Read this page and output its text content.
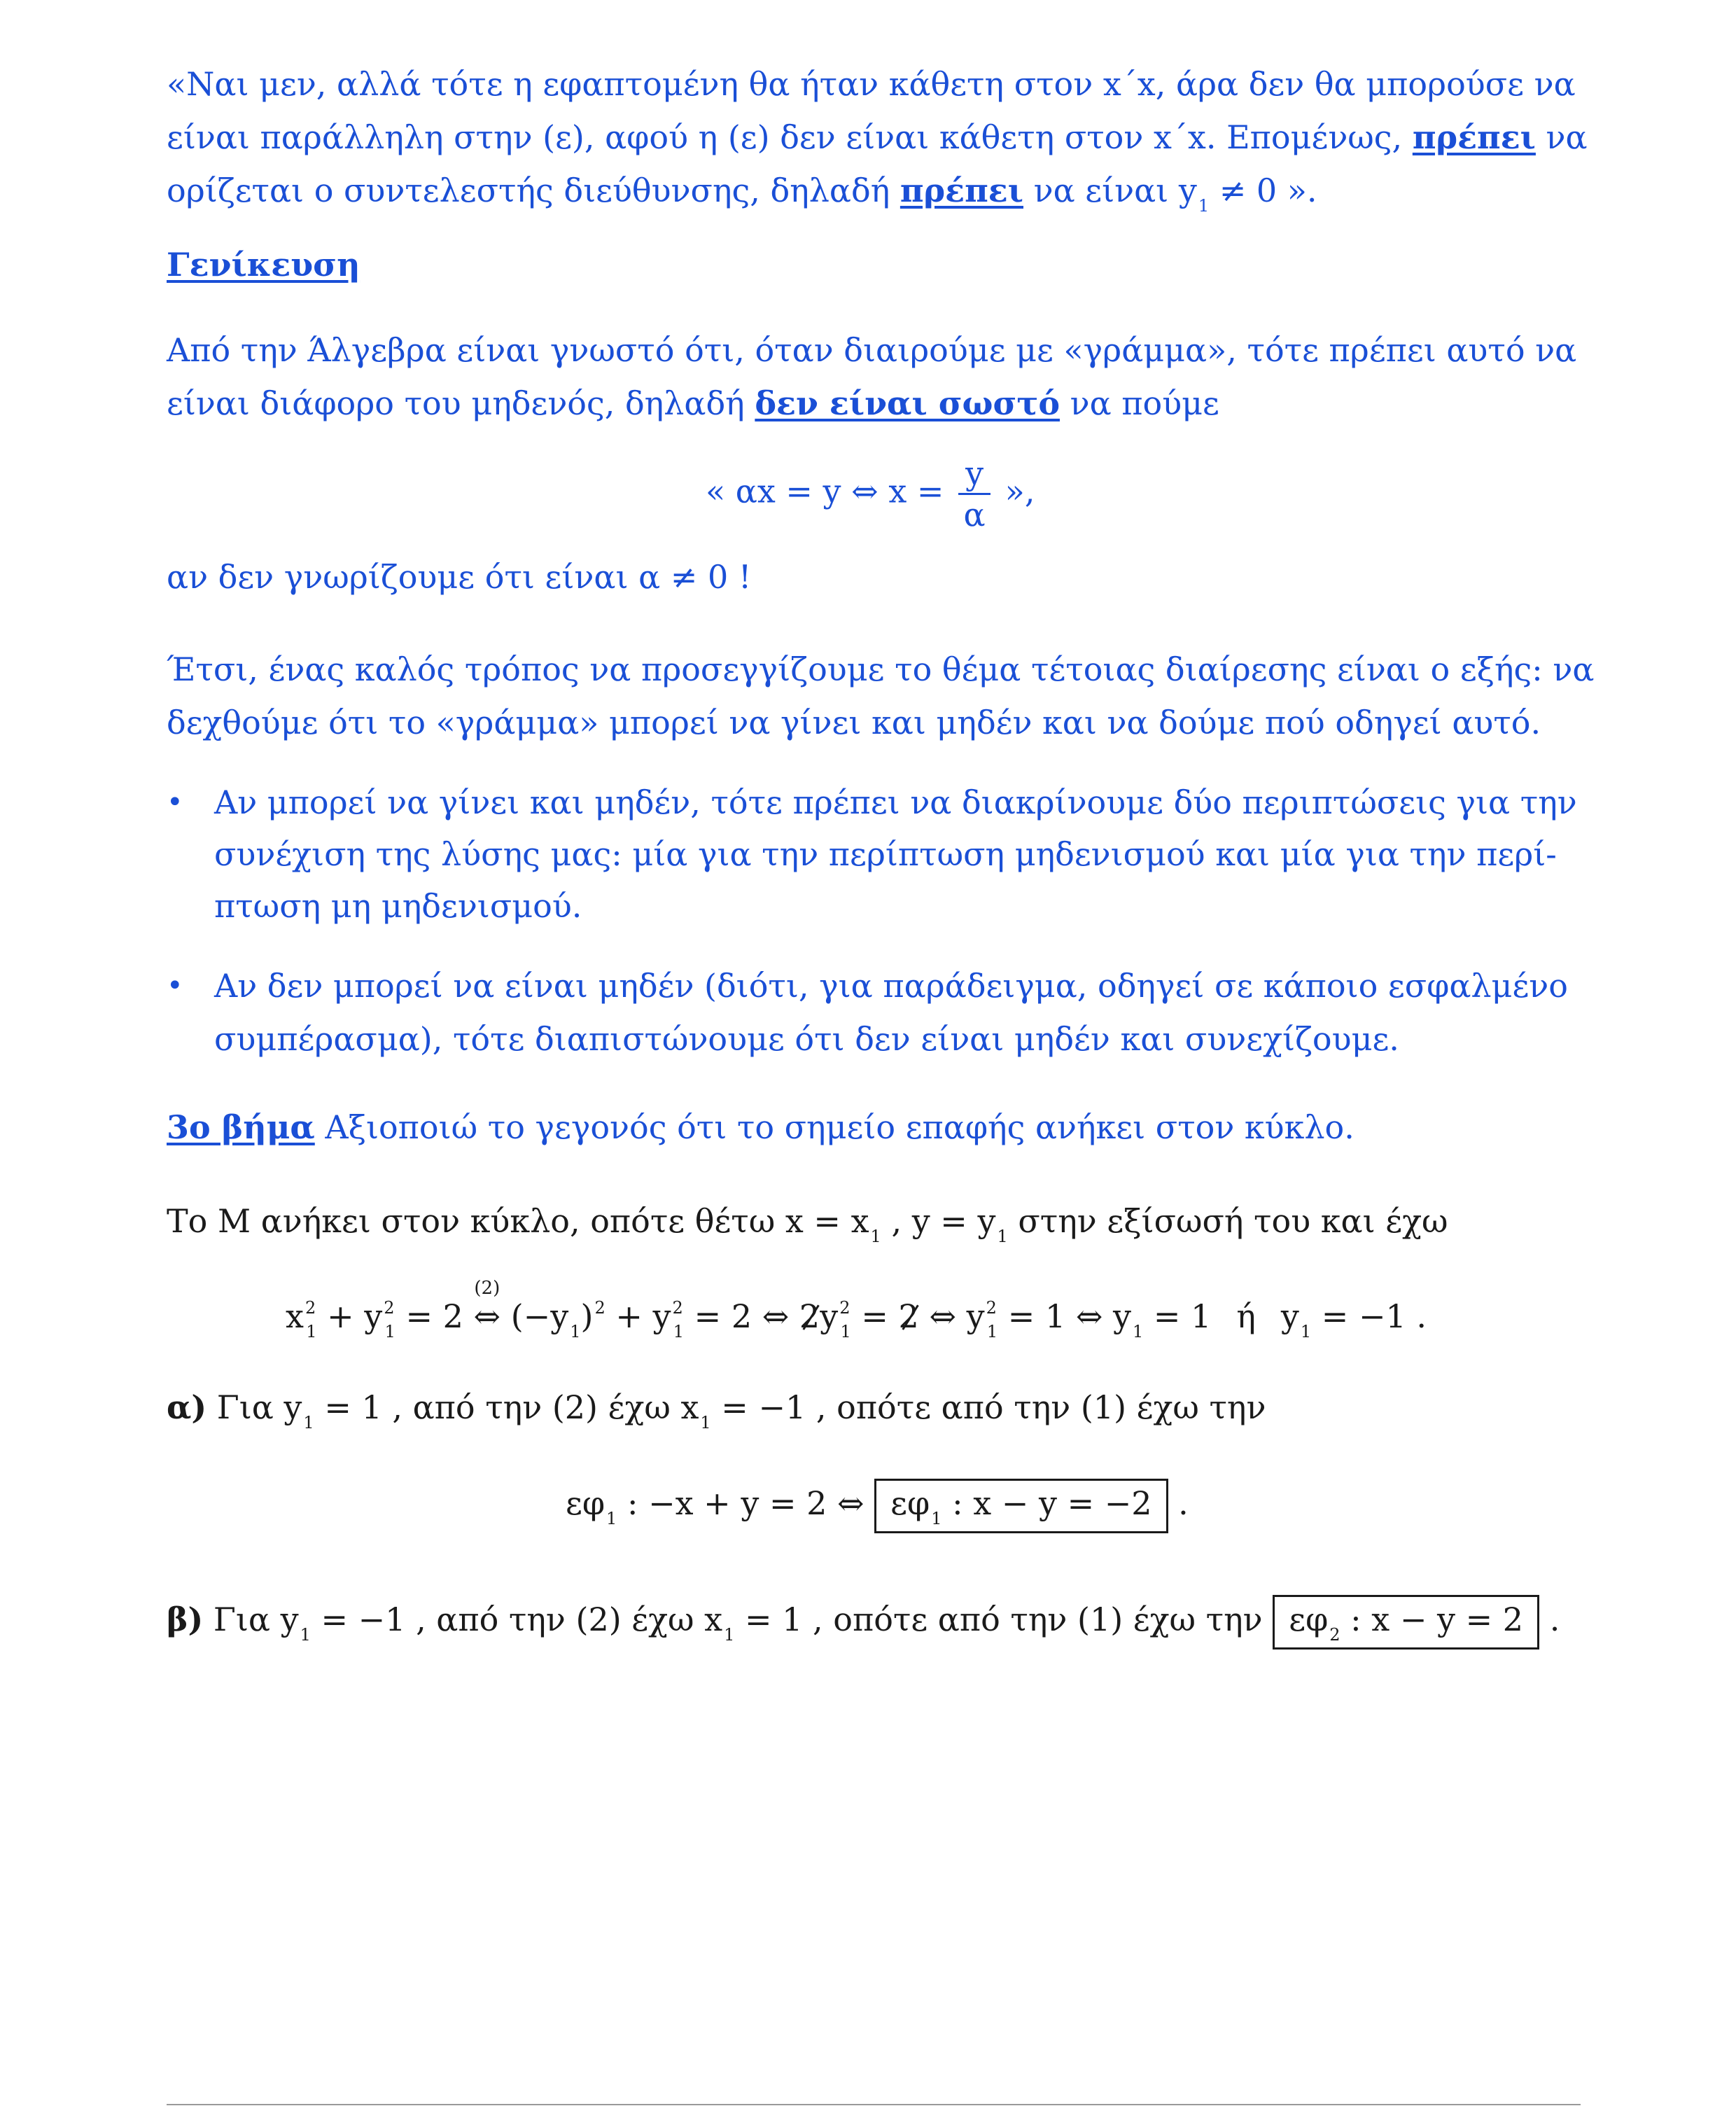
«Ναι μεν, αλλά τότε η εφαπτομένη θα ήταν κάθετη στον x΄x, άρα δεν θα μπορούσε να
είναι παράλληλη στην (ε), αφού η (ε) δεν είναι κάθετη στον x΄x. Επομένως, πρέπει να
ορίζεται ο συντελεστής διεύθυνσης, δηλαδή πρέπει να είναι $y_1 \ne 0$ ».
Γενίκευση
Από την Άλγεβρα είναι γνωστό ότι, όταν διαιρούμε με «γράμμα», τότε πρέπει αυτό να
είναι διάφορο του μηδενός, δηλαδή δεν είναι σωστό να πούμε
« αx = y ⇔ $x = \frac{y}{\alpha}$ »,
αν δεν γνωρίζουμε ότι είναι α ≠ 0 !
Έτσι, ένας καλός τρόπος να προσεγγίζουμε το θέμα τέτοιας διαίρεσης είναι ο εξής: να
δεχθούμε ότι το «γράμμα» μπορεί να γίνει και μηδέν και να δούμε πού οδηγεί αυτό.
• Αν μπορεί να γίνει και μηδέν, τότε πρέπει να διακρίνουμε δύο περιπτώσεις για την
συνέχιση της λύσης μας: μία για την περίπτωση μηδενισμού και μία για την περί-
πτωση μη μηδενισμού.
• Αν δεν μπορεί να είναι μηδέν (διότι, για παράδειγμα, οδηγεί σε κάποιο εσφαλμένο
συμπέρασμα), τότε διαπιστώνουμε ότι δεν είναι μηδέν και συνεχίζουμε.
3ο βήμα Αξιοποιώ το γεγονός ότι το σημείο επαφής ανήκει στον κύκλο.
Το Μ ανήκει στον κύκλο, οπότε θέτω $x = x_1$ , $y = y_1$ στην εξίσωσή του και έχω
$x^2_1 + y^2_1 = 2$
(2)
⇔ $(-y_1)^2 + y^2_1 = 2$ ⇔ $2y^2_1 = 2$ ⇔ $y^2_1 = 1$ ⇔ $y_1 = 1$ ή $y_1 = -1$ .
α) Για $y_1 = 1$ , από την (2) έχω $x_1 = -1$ , οπότε από την (1) έχω την
$\varepsilon\varphi_1$ : −x + y = 2 ⇔ $\varepsilon\varphi_1$ : x − y = −2 .
β) Για $y_1 = -1$ , από την (2) έχω $x_1 = 1$ , οπότε από την (1) έχω την $\varepsilon\varphi_2$ : x − y = 2 .
